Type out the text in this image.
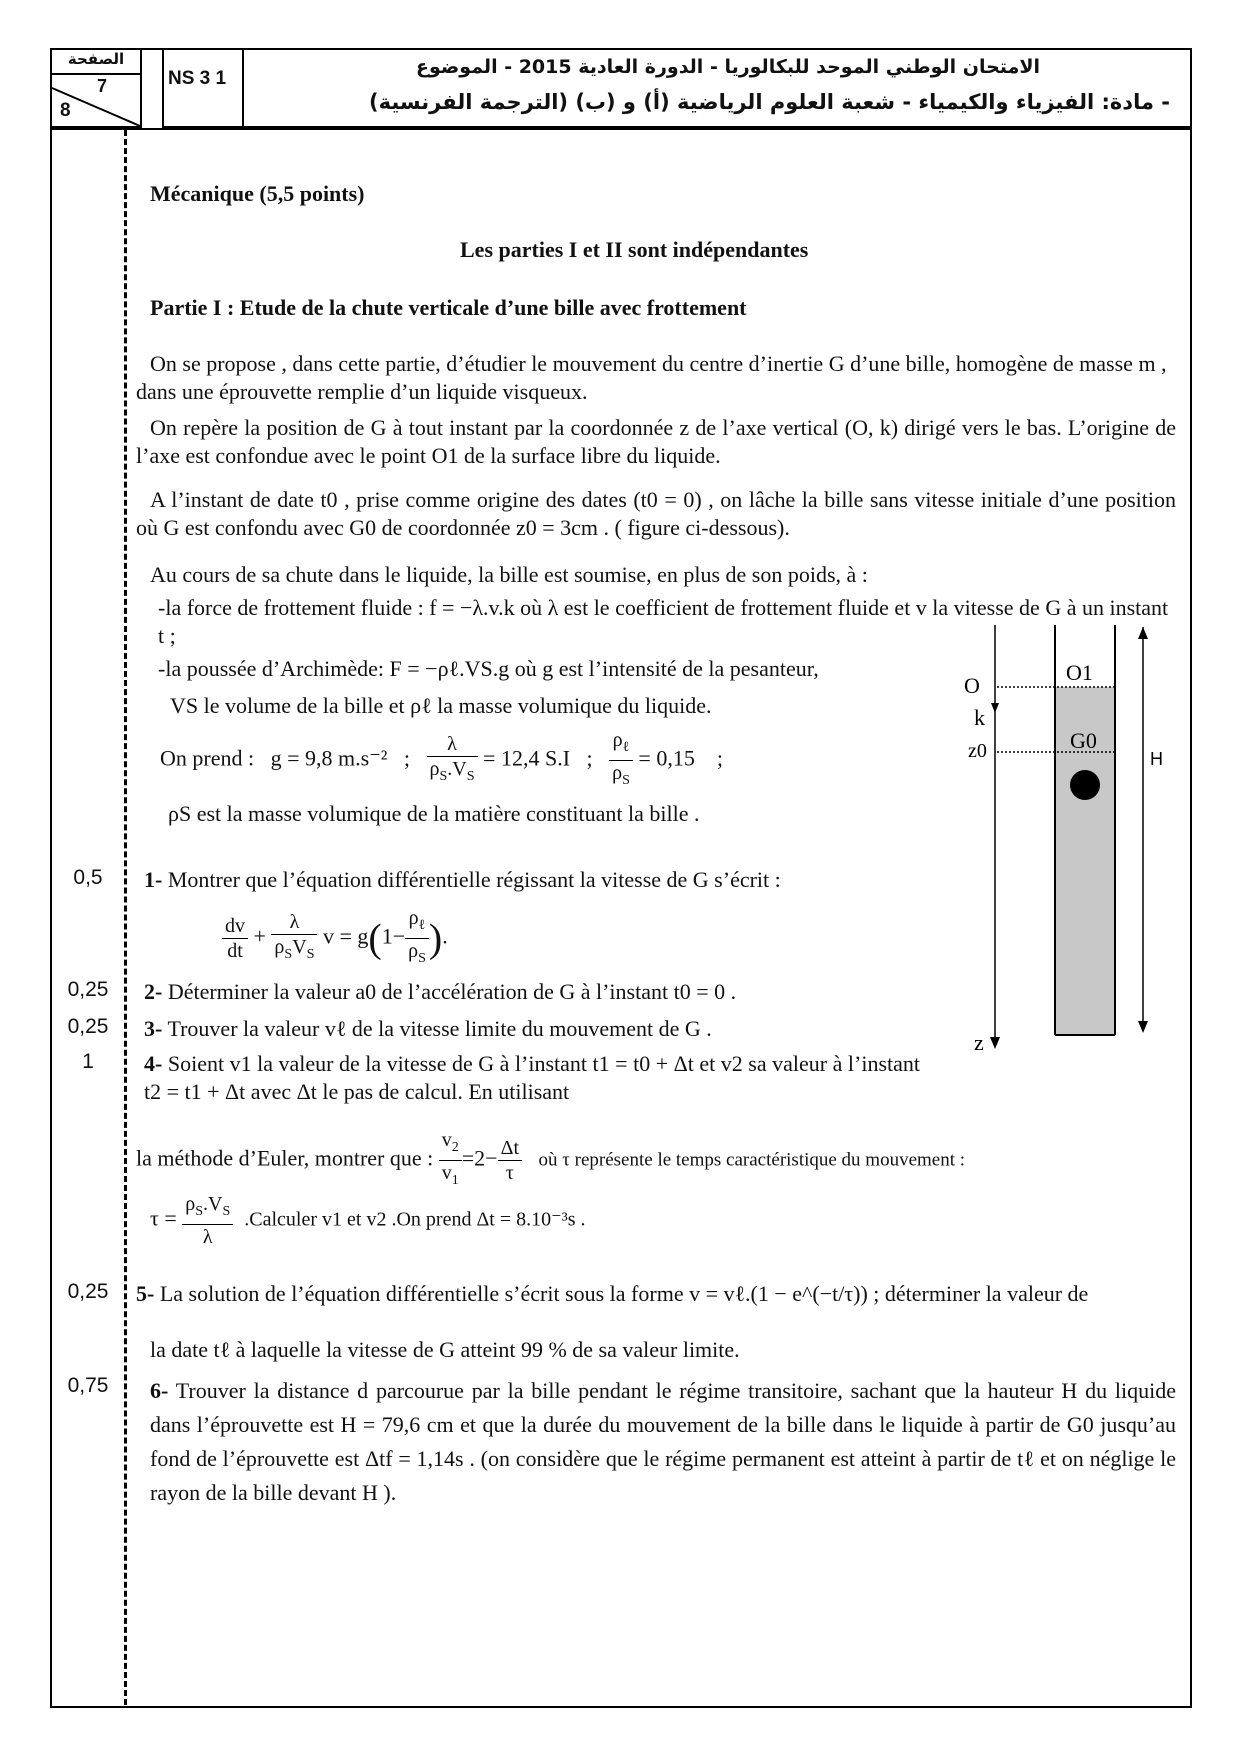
الصفحة
7
8
NS 3 1
الامتحان الوطني الموحد للبكالوريا - الدورة العادية 2015 - الموضوع
- مادة: الفيزياء والكيمياء - شعبة العلوم الرياضية (أ) و (ب) (الترجمة الفرنسية)
Mécanique (5,5 points)
Les parties I et II sont indépendantes
Partie I : Etude de la chute verticale d’une bille avec frottement
On se propose , dans cette partie, d’étudier le mouvement du centre d’inertie G d’une bille, homogène de masse m , dans une éprouvette remplie d’un liquide visqueux.
On repère la position de G à tout instant par la coordonnée z de l’axe vertical (O, k) dirigé vers le bas. L’origine de l’axe est confondue avec le point O1 de la surface libre du liquide.
A l’instant de date t0 , prise comme origine des dates (t0 = 0) , on lâche la bille sans vitesse initiale d’une position où G est confondu avec G0 de coordonnée z0 = 3cm . ( figure ci-dessous).
Au cours de sa chute dans le liquide, la bille est soumise, en plus de son poids, à :
-la force de frottement fluide : f = −λ.v.k où λ est le coefficient de frottement fluide et v la vitesse de G à un instant t ;
-la poussée d’Archimède: F = −ρℓ.VS.g où g est l’intensité de la pesanteur,
VS le volume de la bille et ρℓ la masse volumique du liquide.
On prend : g = 9,8 m.s⁻²   ; $\frac{\lambda}{\rho_S.V_S} = 12,4$ S.I   ; $\frac{\rho_\ell}{\rho_S} = 0,15$    ;
ρS est la masse volumique de la matière constituant la bille .
O
O1
k
z0	G0
H
z
0,5	1- Montrer que l’équation différentielle régissant la vitesse de G s’écrit :
$\frac{dv}{dt} + \frac{\lambda}{\rho_SV_S}$ $v = g(1- \frac{\rho_\ell}{\rho_S}$ ).
0,25	2- Déterminer la valeur a0 de l’accélération de G à l’instant t0 = 0 .
0,25	3- Trouver la valeur vℓ de la vitesse limite du mouvement de G .
1	4- Soient v1 la valeur de la vitesse de G à l’instant t1 = t0 + Δt et v2 sa valeur à l’instant t2 = t1 + Δt avec Δt le pas de calcul. En utilisant
la méthode d’Euler, montrer que : $\frac{v_2}{v_1} =2- \frac{\Delta t}{\tau}$ où τ représente le temps caractéristique du mouvement :
$\tau = \frac{\rho_S.V_S}{\lambda}$ .Calculer v1 et v2 .On prend Δt = 8.10⁻³s .
0,25	5- La solution de l’équation différentielle s’écrit sous la forme v = vℓ.(1 − e^(−t/τ)) ; déterminer la valeur de
la date tℓ à laquelle la vitesse de G atteint 99 % de sa valeur limite.
0,75	6- Trouver la distance d parcourue par la bille pendant le régime transitoire, sachant que la hauteur H du liquide dans l’éprouvette est H = 79,6 cm et que la durée du mouvement de la bille dans le liquide à partir de G0 jusqu’au fond de l’éprouvette est Δtf = 1,14s . (on considère que le régime permanent est atteint à partir de tℓ et on néglige le rayon de la bille devant H ).
